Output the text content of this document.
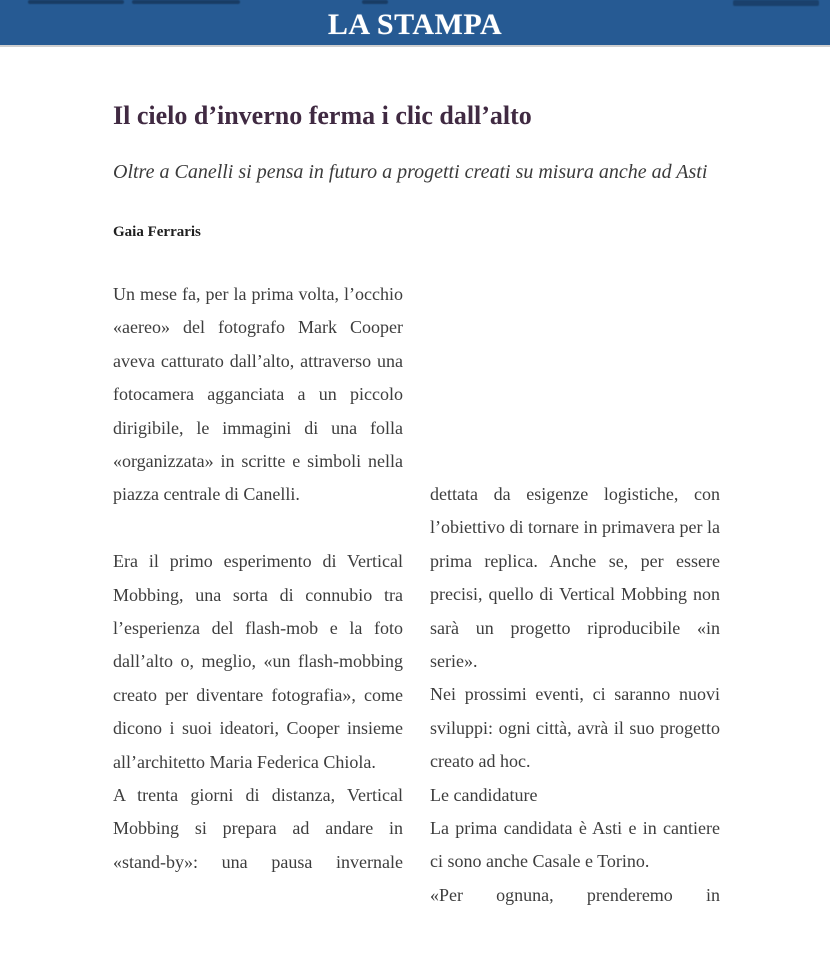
LA STAMPA
Il cielo d’inverno ferma i clic dall’alto
Oltre a Canelli si pensa in futuro a progetti creati su misura anche ad Asti
Gaia Ferraris

Un mese fa, per la prima volta, l’occhio «aereo» del fotografo Mark Cooper aveva catturato dall’alto, attraverso una fotocamera agganciata a un piccolo dirigibile, le immagini di una folla «organizzata» in scritte e simboli nella piazza centrale di Canelli.

Era il primo esperimento di Vertical Mobbing, una sorta di connubio tra l’esperienza del flash-mob e la foto dall’alto o, meglio, «un flash-mobbing creato per diventare fotografia», come dicono i suoi ideatori, Cooper insieme all’architetto Maria Federica Chiola.

A trenta giorni di distanza, Vertical Mobbing si prepara ad andare in «stand-by»: una pausa invernale

dettata da esigenze logistiche, con l’obiettivo di tornare in primavera per la prima replica. Anche se, per essere precisi, quello di Vertical Mobbing non sarà un progetto riproducibile «in serie».

Nei prossimi eventi, ci saranno nuovi sviluppi: ogni città, avrà il suo progetto creato ad hoc.

Le candidature

La prima candidata è Asti e in cantiere ci sono anche Casale e Torino.

«Per ognuna, prenderemo in
